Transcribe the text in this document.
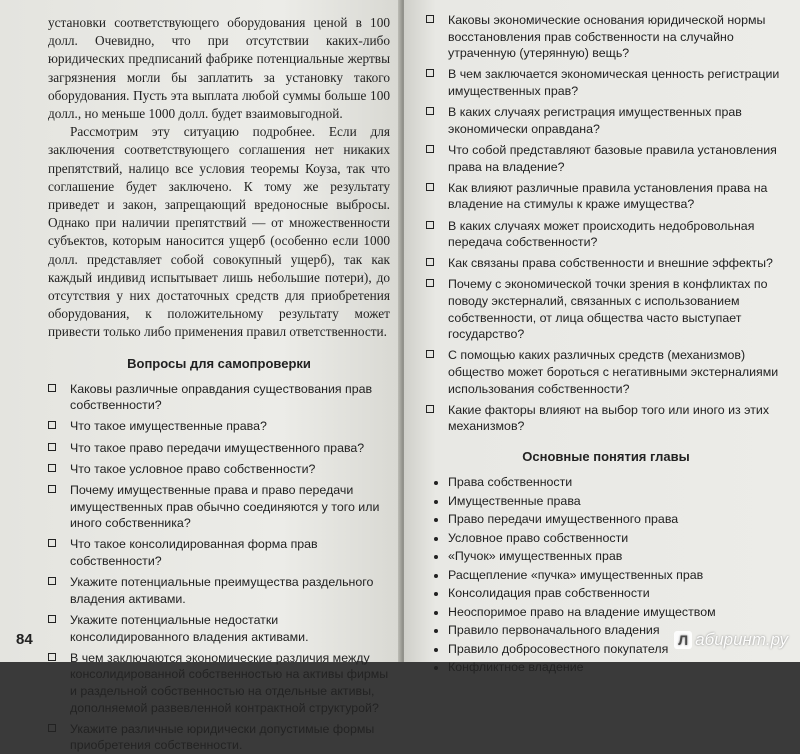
установки соответствующего оборудования ценой в 100 долл. Очевидно, что при отсутствии каких-либо юридических предписаний фабрике потенциальные жертвы загрязнения могли бы заплатить за установку такого оборудования. Пусть эта выплата любой суммы больше 100 долл., но меньше 1000 долл. будет взаимовыгодной.

Рассмотрим эту ситуацию подробнее. Если для заключения соответствующего соглашения нет никаких препятствий, налицо все условия теоремы Коуза, так что соглашение будет заключено. К тому же результату приведет и закон, запрещающий вредоносные выбросы. Однако при наличии препятствий — от множественности субъектов, которым наносится ущерб (особенно если 1000 долл. представляет собой совокупный ущерб), так как каждый индивид испытывает лишь небольшие потери), до отсутствия у них достаточных средств для приобретения оборудования, к положительному результату может привести только либо применения правил ответственности.

Вопросы для самопроверки
Каковы различные оправдания существования прав собственности?
Что такое имущественные права?
Что такое право передачи имущественного права?
Что такое условное право собственности?
Почему имущественные права и право передачи имущественных прав обычно соединяются у того или иного собственника?
Что такое консолидированная форма прав собственности?
Укажите потенциальные преимущества раздельного владения активами.
Укажите потенциальные недостатки консолидированного владения активами.
В чем заключаются экономические различия между консолидированной собственностью на активы фирмы и раздельной собственностью на отдельные активы, дополняемой развевленной контрактной структурой?
Укажите различные юридически допустимые формы приобретения собственности.
84
Каковы экономические основания юридической нормы восстановления прав собственности на случайно утраченную (утерянную) вещь?
В чем заключается экономическая ценность регистрации имущественных прав?
В каких случаях регистрация имущественных прав экономически оправдана?
Что собой представляют базовые правила установления права на владение?
Как влияют различные правила установления права на владение на стимулы к краже имущества?
В каких случаях может происходить недобровольная передача собственности?
Как связаны права собственности и внешние эффекты?
Почему с экономической точки зрения в конфликтах по поводу экстерналий, связанных с использованием собственности, от лица общества часто выступает государство?
С помощью каких различных средств (механизмов) общество может бороться с негативными экстерналиями использования собственности?
Какие факторы влияют на выбор того или иного из этих механизмов?
Основные понятия главы
Права собственности
Имущественные права
Право передачи имущественного права
Условное право собственности
«Пучок» имущественных прав
Расщепление «пучка» имущественных прав
Консолидация прав собственности
Неоспоримое право на владение имуществом
Правило первоначального владения
Правило добросовестного покупателя
Конфликтное владение
Л абиринт.ру
